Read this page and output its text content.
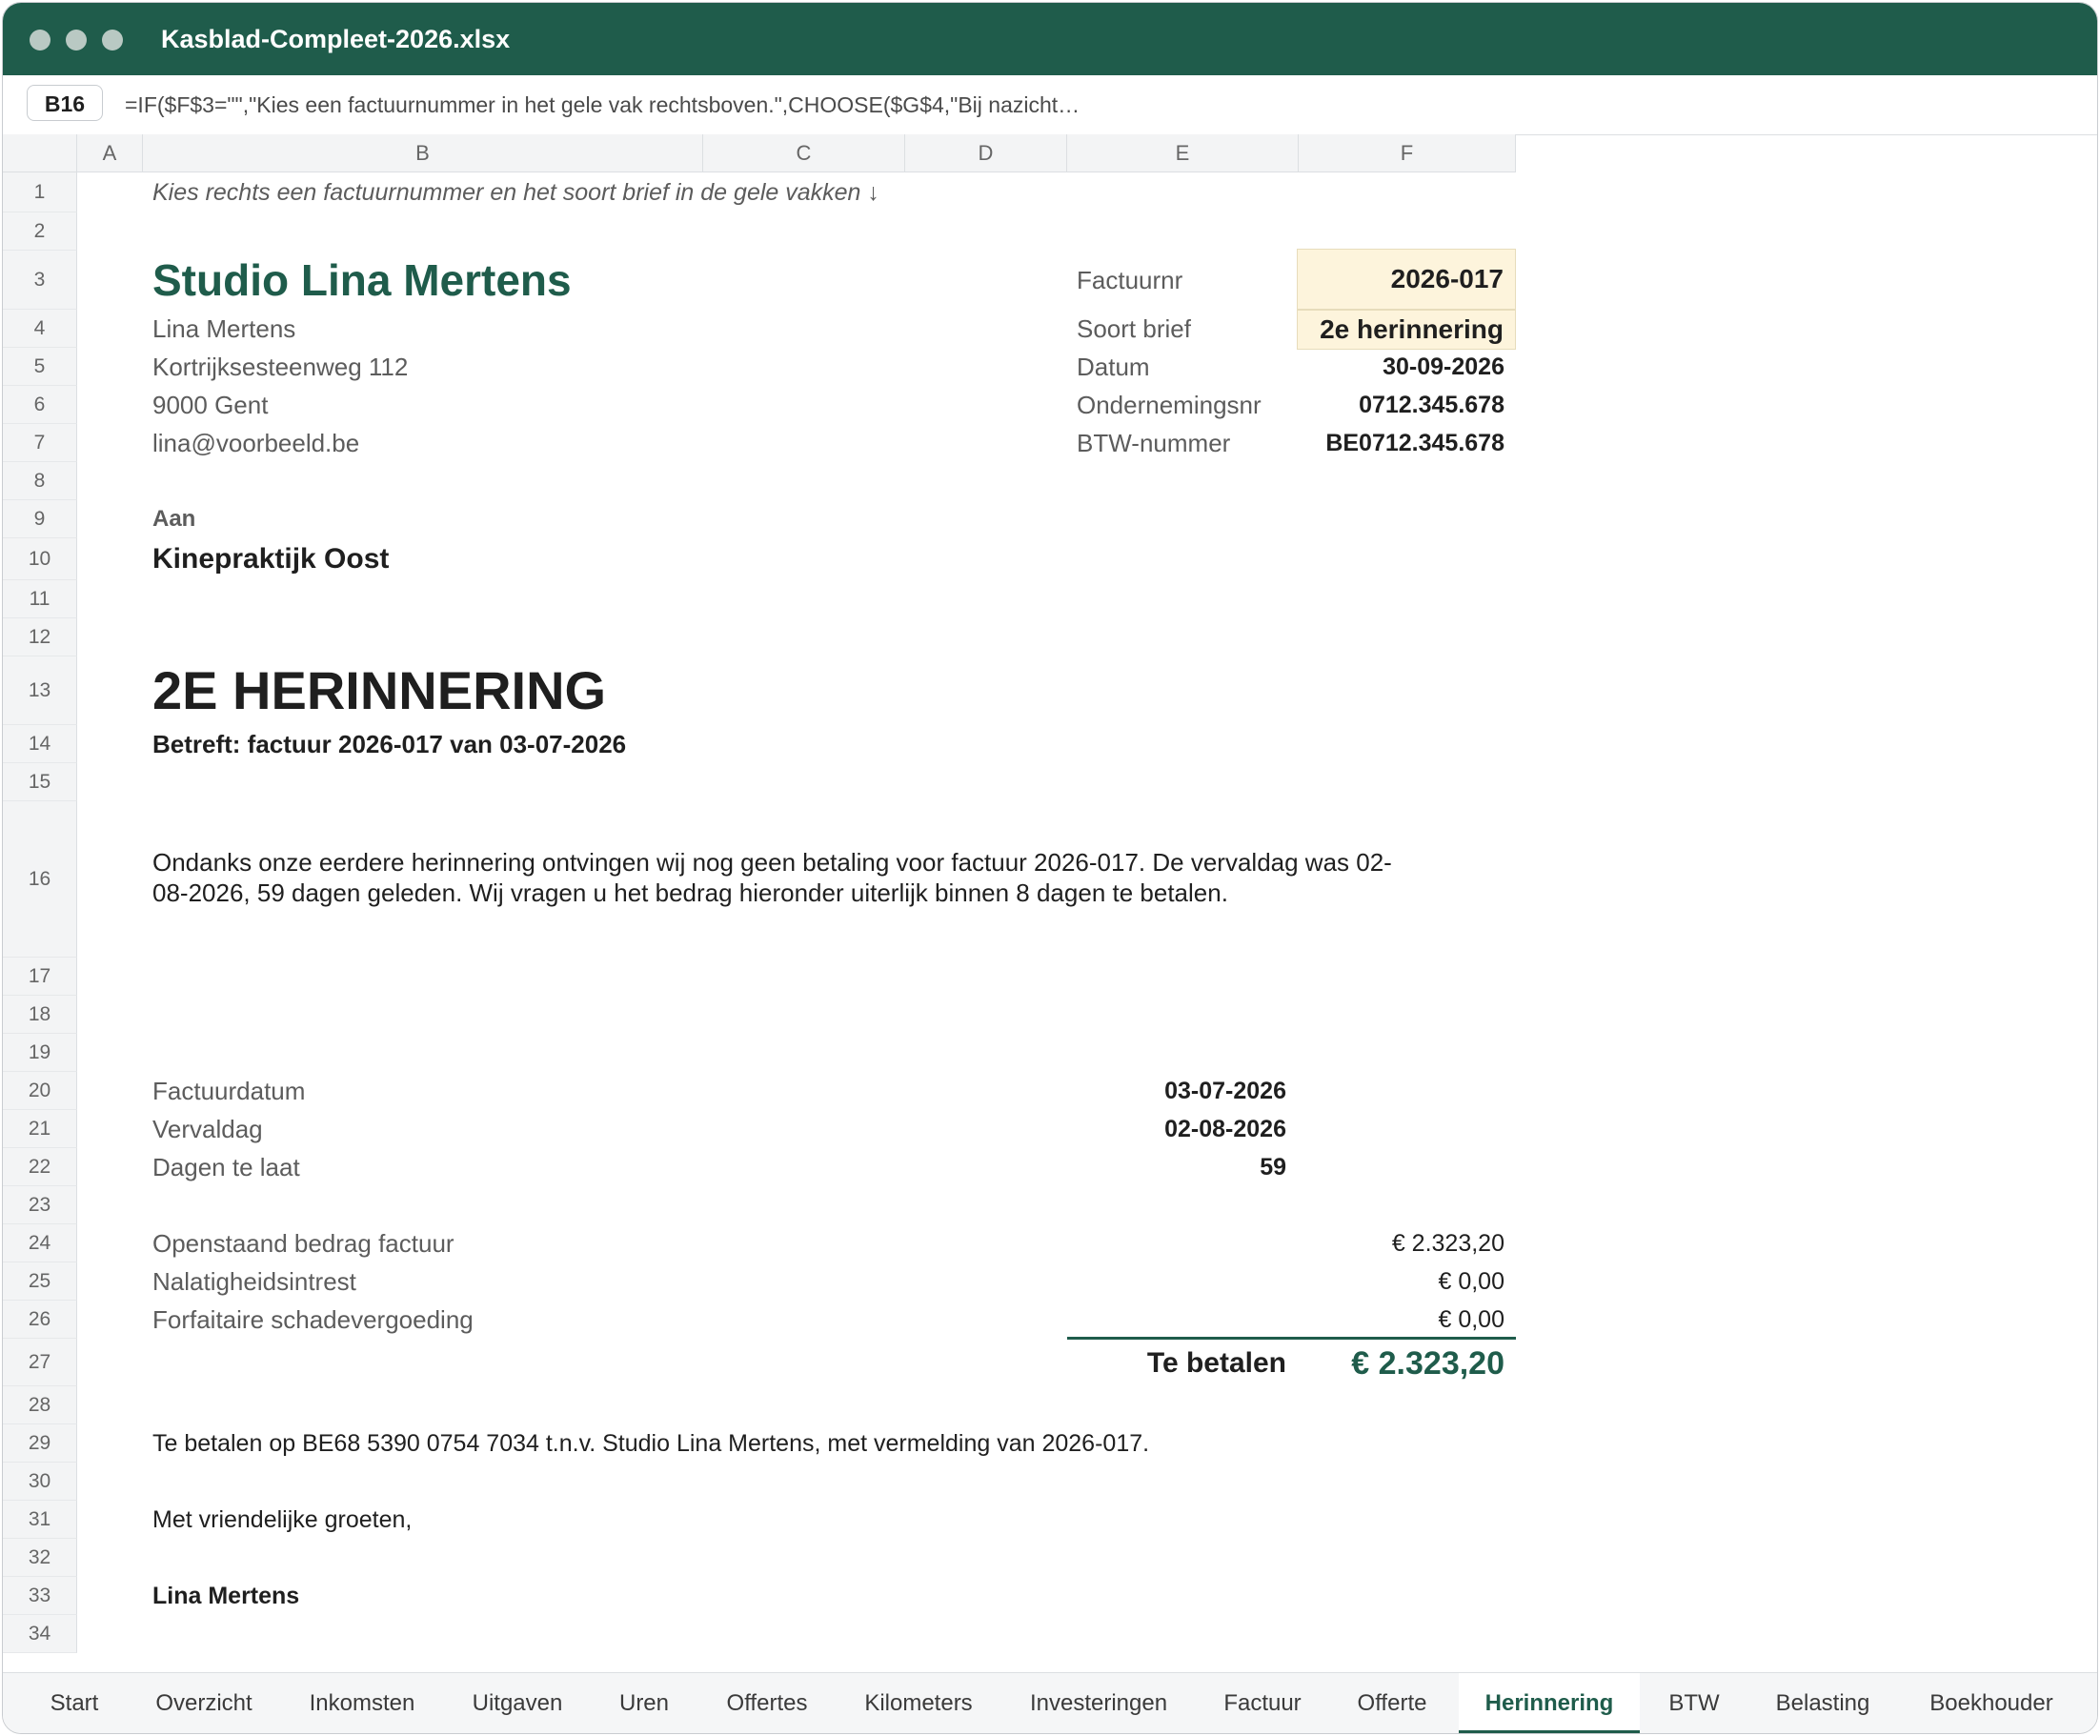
Kasblad-Compleet-2026.xlsx
B16	=IF($F$3="","Kies een factuurnummer in het gele vak rechtsboven.",CHOOSE($G$4,"Bij nazicht…
A	B	C	D	E	F
1
2
3
4
5
6
7
8
9
10
11
12
13
14
15
16
17
18
19
20
21
22
23
24
25
26
27
28
29
30
31
32
33
34
Kies rechts een factuurnummer en het soort brief in de gele vakken ↓
Studio Lina Mertens
Lina Mertens
Kortrijksesteenweg 112
9000 Gent
lina@voorbeeld.be
Factuurnr	2026-017
Soort brief	2e herinnering
Datum	30-09-2026
Ondernemingsnr	0712.345.678
BTW-nummer	BE0712.345.678
Aan
Kinepraktijk Oost
2E HERINNERING
Betreft: factuur 2026-017 van 03-07-2026
Ondanks onze eerdere herinnering ontvingen wij nog geen betaling voor factuur 2026-017. De vervaldag was 02-
08-2026, 59 dagen geleden. Wij vragen u het bedrag hieronder uiterlijk binnen 8 dagen te betalen.
Factuurdatum	03-07-2026
Vervaldag	02-08-2026
Dagen te laat	59
Openstaand bedrag factuur	€ 2.323,20
Nalatigheidsintrest	€ 0,00
Forfaitaire schadevergoeding	€ 0,00
Te betalen	€ 2.323,20
Te betalen op BE68 5390 0754 7034 t.n.v. Studio Lina Mertens, met vermelding van 2026-017.
Met vriendelijke groeten,
Lina Mertens
Start	Overzicht	Inkomsten	Uitgaven	Uren	Offertes	Kilometers	Investeringen	Factuur	Offerte	Herinnering	BTW	Belasting	Boekhouder
